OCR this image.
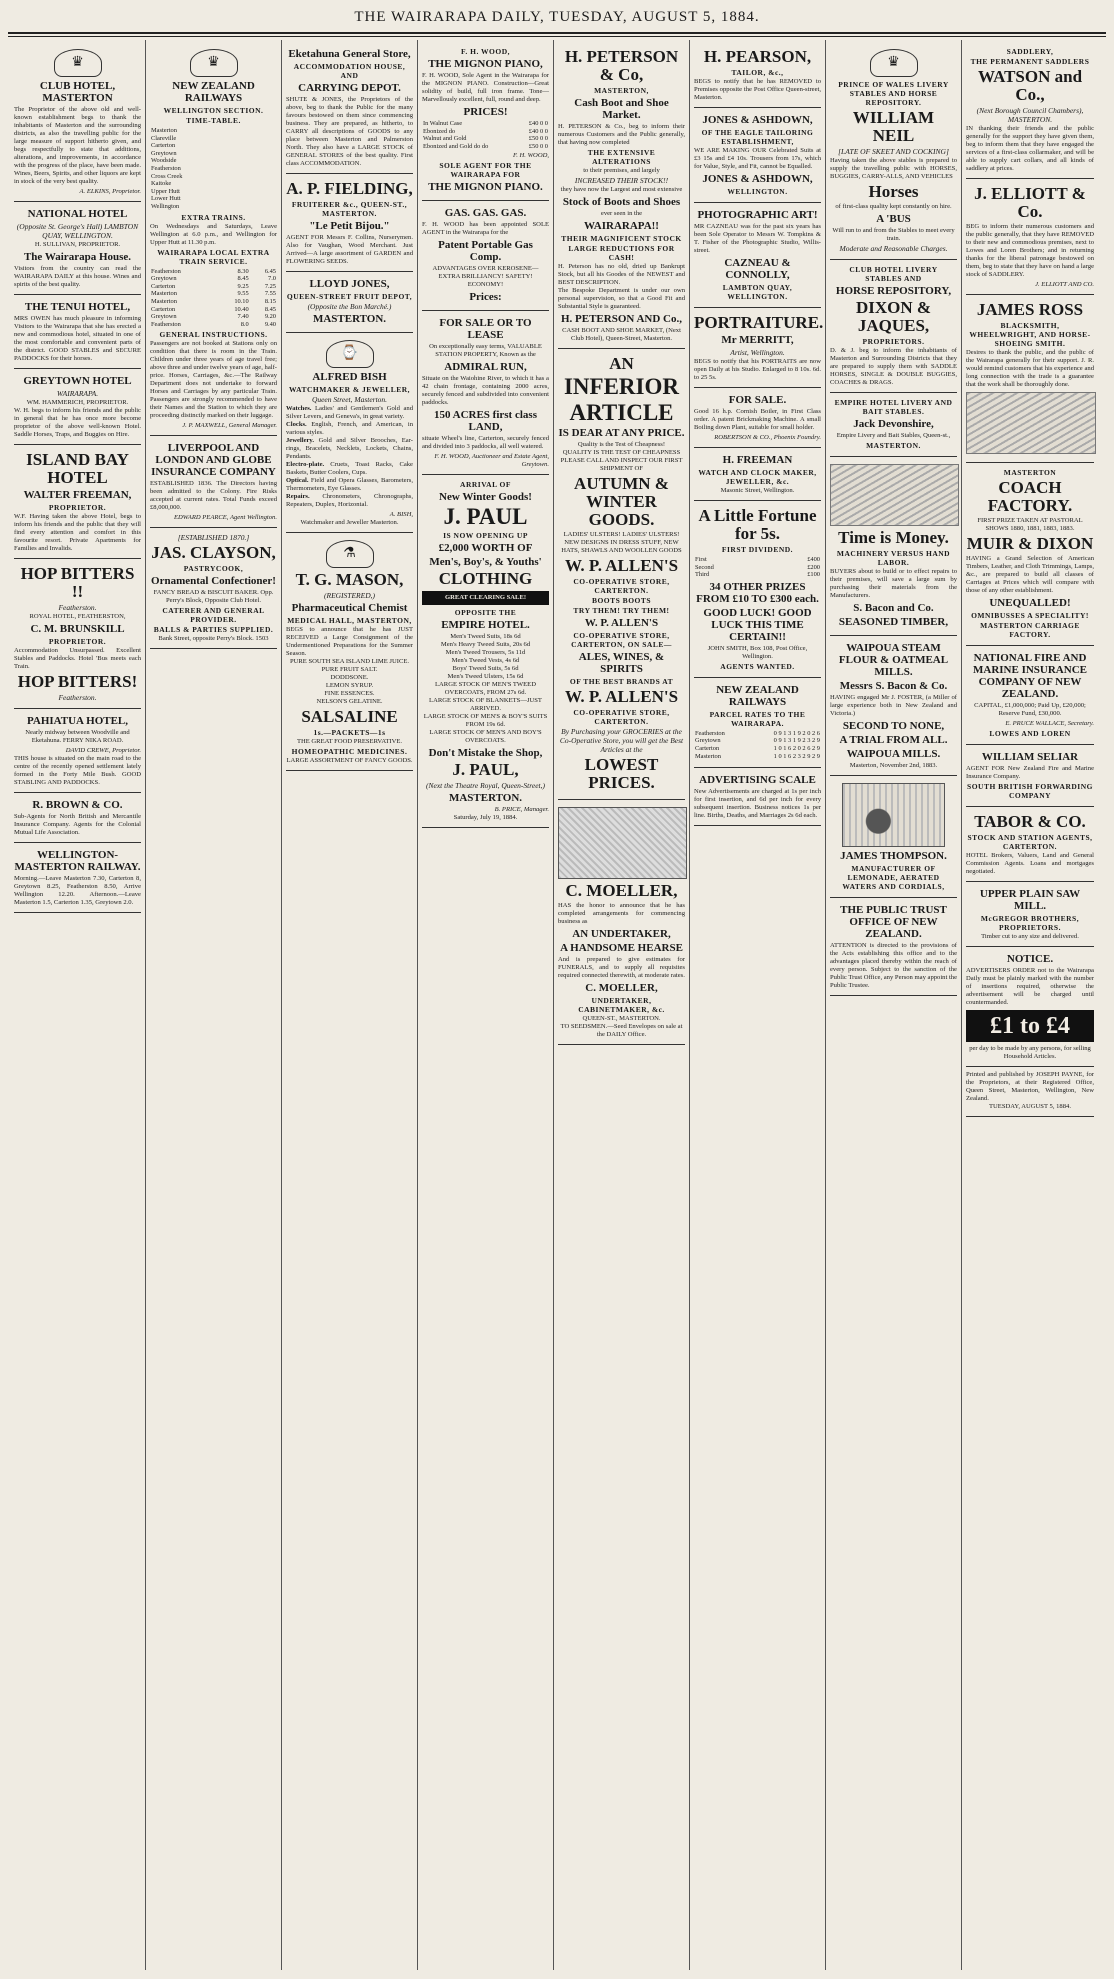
THE WAIRARAPA DAILY, TUESDAY, AUGUST 5, 1884.
♛
CLUB HOTEL, MASTERTON
The Proprietor of the above old and well-known establishment begs to thank the inhabitants of Masterton and the surrounding districts, as also the travelling public for the large measure of support hitherto given, and begs respectfully to state that additions, alterations, and improvements, in accordance with the progress of the place, have been made. Wines, Beers, Spirits, and other liquors are kept in stock of the very best quality.
A. ELKINS, Proprietor.
NATIONAL HOTEL
(Opposite St. George's Hall) LAMBTON QUAY, WELLINGTON.
H. SULLIVAN, PROPRIETOR.
The Wairarapa House.
Visitors from the country can read the WAIRARAPA DAILY at this house. Wines and spirits of the best quality.
THE TENUI HOTEL,
MRS OWEN has much pleasure in informing Visitors to the Wairarapa that she has erected a new and commodious hotel, situated in one of the most comfortable and convenient parts of the district. GOOD STABLES and SECURE PADDOCKS for their horses.
GREYTOWN HOTEL
WAIRARAPA.
WM. HAMMERICH, PROPRIETOR.
W. H. begs to inform his friends and the public in general that he has once more become proprietor of the above well-known Hotel. Saddle Horses, Traps, and Buggies on Hire.
ISLAND BAY HOTEL
WALTER FREEMAN,
PROPRIETOR.
W.F. Having taken the above Hotel, begs to inform his friends and the public that they will find every attention and comfort in this favourite resort. Private Apartments for Families and Invalids.
HOP BITTERS !!
Featherston.
ROYAL HOTEL, FEATHERSTON,
C. M. BRUNSKILL
PROPRIETOR.
Accommodation Unsurpassed. Excellent Stables and Paddocks. Hotel 'Bus meets each Train.
HOP BITTERS!
Featherston.
PAHIATUA HOTEL,
Nearly midway between Woodville and Eketahuna. FERRY NIKA ROAD.
DAVID CREWE, Proprietor.
THIS house is situated on the main road to the centre of the recently opened settlement lately formed in the Forty Mile Bush. GOOD STABLING AND PADDOCKS.
R. BROWN & CO.
Sub-Agents for North British and Mercantile Insurance Company. Agents for the Colonial Mutual Life Association.
WELLINGTON-MASTERTON RAILWAY.
Morning.—Leave Masterton 7.30, Carterton 8, Greytown 8.25, Featherston 8.50, Arrive Wellington 12.20. Afternoon.—Leave Masterton 1.5, Carterton 1.35, Greytown 2.0.
♛
NEW ZEALAND RAILWAYS
WELLINGTON SECTION.
TIME-TABLE.
Masterton
Clareville
Carterton
Greytown
Woodside
Featherston
Cross Creek
Kaitoke
Upper Hutt
Lower Hutt
Wellington
EXTRA TRAINS.
On Wednesdays and Saturdays, Leave Wellington at 6.0 p.m., and Wellington for Upper Hutt at 11.30 p.m.
WAIRARAPA LOCAL EXTRA TRAIN SERVICE.
Featherston	8.30	6.45
Greytown	8.45	7.0
Carterton	9.25	7.25
Masterton	9.55	7.55
Masterton	10.10	8.15
Carterton	10.40	8.45
Greytown	7.40	9.20
Featherston	8.0	9.40
GENERAL INSTRUCTIONS.
Passengers are not booked at Stations only on condition that there is room in the Train. Children under three years of age travel free; above three and under twelve years of age, half-price. Horses, Carriages, &c.—The Railway Department does not undertake to forward Horses and Carriages by any particular Train. Passengers are strongly recommended to have their Names and the Station to which they are proceeding distinctly marked on their luggage.
J. P. MAXWELL, General Manager.
LIVERPOOL AND LONDON AND GLOBE INSURANCE COMPANY
ESTABLISHED 1836. The Directors having been admitted to the Colony. Fire Risks accepted at current rates. Total Funds exceed £8,000,000.
EDWARD PEARCE, Agent Wellington.
[ESTABLISHED 1870.]
JAS. CLAYSON,
PASTRYCOOK,
Ornamental Confectioner!
FANCY BREAD & BISCUIT BAKER. Opp. Perry's Block, Opposite Club Hotel.
CATERER AND GENERAL PROVIDER.
BALLS & PARTIES SUPPLIED.
Bank Street, opposite Perry's Block. 1503
Eketahuna General Store,
ACCOMMODATION HOUSE, AND
CARRYING DEPOT.
SHUTE & JONES, the Proprietors of the above, beg to thank the Public for the many favours bestowed on them since commencing business. They are prepared, as hitherto, to CARRY all descriptions of GOODS to any place between Masterton and Palmerston North. They also have a LARGE STOCK of GENERAL STORES of the best quality. First class ACCOMMODATION.
A. P. FIELDING,
FRUITERER &c., QUEEN-ST., MASTERTON.
"Le Petit Bijou."
AGENT FOR Messrs F. Collins, Nurserymen. Also for Vaughan, Wood Merchant. Just Arrived—A large assortment of GARDEN and FLOWERING SEEDS.
LLOYD JONES,
QUEEN-STREET FRUIT DEPOT,
(Opposite the Bon Marché.)
MASTERTON.
⌚
ALFRED BISH
WATCHMAKER & JEWELLER,
Queen Street, Masterton.
Watches. Ladies' and Gentlemen's Gold and Silver Levers, and Geneva's, in great variety.
Clocks. English, French, and American, in various styles.
Jewellery. Gold and Silver Brooches, Ear-rings, Bracelets, Necklets, Lockets, Chains, Pendants.
Electro-plate. Cruets, Toast Racks, Cake Baskets, Butter Coolers, Cups.
Optical. Field and Opera Glasses, Barometers, Thermometers, Eye Glasses.
Repairs. Chronometers, Chronographs, Repeaters, Duplex, Horizontal.
A. BISH,
Watchmaker and Jeweller Masterton.
⚗
T. G. MASON,
(REGISTERED,)
Pharmaceutical Chemist
MEDICAL HALL, MASTERTON,
BEGS to announce that he has JUST RECEIVED a Large Consignment of the Undermentioned Preparations for the Summer Season.
PURE SOUTH SEA ISLAND LIME JUICE.
PURE FRUIT SALT.
DODDSONE.
LEMON SYRUP.
FINE ESSENCES.
NELSON'S GELATINE.
SALSALINE
1s.—PACKETS—1s
THE GREAT FOOD PRESERVATIVE.
HOMEOPATHIC MEDICINES.
LARGE ASSORTMENT OF FANCY GOODS.
F. H. WOOD,
THE MIGNON PIANO,
F. H. WOOD, Sole Agent in the Wairarapa for the MIGNON PIANO. Construction—Great solidity of build, full iron frame. Tone—Marvellously excellent, full, round and deep.
PRICES!
In Walnut Case	£40 0 0
Ebonized do	£40 0 0
Walnut and Gold	£50 0 0
Ebonized and Gold do do	£50 0 0
F. H. WOOD,
SOLE AGENT FOR THE WAIRARAPA FOR
THE MIGNON PIANO.
GAS. GAS. GAS.
F. H. WOOD has been appointed SOLE AGENT in the Wairarapa for the
Patent Portable Gas Comp.
ADVANTAGES OVER KEROSENE—EXTRA BRILLIANCY! SAFETY! ECONOMY!
Prices:
FOR SALE OR TO LEASE
On exceptionally easy terms, VALUABLE STATION PROPERTY, Known as the
ADMIRAL RUN,
Situate on the Waiohine River, to which it has a 42 chain frontage, containing 2000 acres, securely fenced and subdivided into convenient paddocks.
150 ACRES first class LAND,
situate Wheel's line, Carterton, securely fenced and divided into 3 paddocks, all well watered.
F. H. WOOD, Auctioneer and Estate Agent, Greytown.
ARRIVAL OF
New Winter Goods!
J. PAUL
IS NOW OPENING UP
£2,000 WORTH OF
Men's, Boy's, & Youths'
CLOTHING
GREAT CLEARING SALE!
OPPOSITE THE
EMPIRE HOTEL.
Men's Tweed Suits, 18s 6d
Men's Heavy Tweed Suits, 20s 6d
Men's Tweed Trousers, 5s 11d
Men's Tweed Vests, 4s 6d
Boys' Tweed Suits, 5s 6d
Men's Tweed Ulsters, 15s 6d
LARGE STOCK OF MEN'S TWEED OVERCOATS, FROM 27s 6d.
LARGE STOCK OF BLANKETS—JUST ARRIVED.
LARGE STOCK OF MEN'S & BOY'S SUITS FROM 19s 6d.
LARGE STOCK OF MEN'S AND BOY'S OVERCOATS.
Don't Mistake the Shop,
J. PAUL,
(Next the Theatre Royal, Queen-Street,)
MASTERTON.
B. PRICE, Manager.
Saturday, July 19, 1884.
H. PETERSON & Co,
MASTERTON,
Cash Boot and Shoe Market.
H. PETERSON & Co., beg to inform their numerous Customers and the Public generally, that having now completed
THE EXTENSIVE ALTERATIONS
to their premises, and largely
INCREASED THEIR STOCK!!
they have now the Largest and most extensive
Stock of Boots and Shoes
ever seen in the
WAIRARAPA!!
THEIR MAGNIFICENT STOCK
LARGE REDUCTIONS FOR CASH!
H. Peterson has no old, dried up Bankrupt Stock, but all his Goodes of the NEWEST and BEST DESCRIPTION.
The Bespoke Department is under our own personal supervision, so that a Good Fit and Substantial Style is guaranteed.
H. PETERSON AND Co.,
CASH BOOT AND SHOE MARKET, (Next Club Hotel), Queen-Street, Masterton.
AN
INFERIOR
ARTICLE
IS DEAR AT ANY PRICE.
Quality is the Test of Cheapness!
QUALITY IS THE TEST OF CHEAPNESS
PLEASE CALL AND INSPECT OUR FIRST SHIPMENT OF
AUTUMN & WINTER GOODS.
LADIES' ULSTERS! LADIES' ULSTERS!
NEW DESIGNS IN DRESS STUFF, NEW HATS, SHAWLS AND WOOLLEN GOODS
W. P. ALLEN'S
CO-OPERATIVE STORE, CARTERTON.
BOOTS BOOTS
TRY THEM! TRY THEM!
W. P. ALLEN'S
CO-OPERATIVE STORE, CARTERTON, ON SALE—
ALES, WINES, & SPIRITS
OF THE BEST BRANDS AT
W. P. ALLEN'S
CO-OPERATIVE STORE, CARTERTON.
By Purchasing your GROCERIES at the Co-Operative Store, you will get the Best Articles at the
LOWEST PRICES.
C. MOELLER,
HAS the honor to announce that he has completed arrangements for commencing business as
AN UNDERTAKER,
A HANDSOME HEARSE
And is prepared to give estimates for FUNERALS, and to supply all requisites required connected therewith, at moderate rates.
C. MOELLER,
UNDERTAKER, CABINETMAKER, &c.
QUEEN-ST., MASTERTON.
TO SEEDSMEN.—Seed Envelopes on sale at the DAILY Office.
H. PEARSON,
TAILOR, &c.,
BEGS to notify that he has REMOVED to Premises opposite the Post Office Queen-street, Masterton.
JONES & ASHDOWN,
OF THE EAGLE TAILORING ESTABLISHMENT,
WE ARE MAKING OUR Celebrated Suits at £3 15s and £4 10s. Trousers from 17s, which for Value, Style, and Fit, cannot be Equalled.
JONES & ASHDOWN,
WELLINGTON.
PHOTOGRAPHIC ART!
MR CAZNEAU was for the past six years has been Sole Operator to Messrs W. Tompkins & T. Fisher of the Photographic Studio, Willis-street.
CAZNEAU & CONNOLLY,
LAMBTON QUAY, WELLINGTON.
PORTRAITURE.
Mr MERRITT,
Artist, Wellington.
BEGS to notify that his PORTRAITS are now open Daily at his Studio. Enlarged to 8 10s. 6d. to 25 5s.
FOR SALE.
Good 16 h.p. Cornish Boiler, in First Class order. A patent Brickmaking Machine. A small Boiling down Plant, suitable for small holder.
ROBERTSON & CO., Phoenix Foundry.
H. FREEMAN
WATCH AND CLOCK MAKER, JEWELLER, &c.
Masonic Street, Wellington.
A Little Fortune for 5s.
FIRST DIVIDEND.
First	£400
Second	£200
Third	£100
34 OTHER PRIZES FROM £10 TO £300 each.
GOOD LUCK! GOOD LUCK THIS TIME CERTAIN!!
JOHN SMITH, Box 108, Post Office, Wellington.
AGENTS WANTED.
NEW ZEALAND RAILWAYS
PARCEL RATES TO THE WAIRARAPA.
Featherston	0 9 1 3 1 9 2 0 2 6
Greytown	0 9 1 3 1 9 2 3 2 9
Carterton	1 0 1 6 2 0 2 6 2 9
Masterton	1 0 1 6 2 3 2 9 2 9
ADVERTISING SCALE
New Advertisements are charged at 1s per inch for first insertion, and 6d per inch for every subsequent insertion. Business notices 1s per line. Births, Deaths, and Marriages 2s 6d each.
♛
PRINCE OF WALES LIVERY STABLES AND HORSE REPOSITORY.
WILLIAM NEIL
[LATE OF SKEET AND COCKING]
Having taken the above stables is prepared to supply the travelling public with HORSES, BUGGIES, CARRY-ALLS, AND VEHICLES
Horses
of first-class quality kept constantly on hire.
A 'BUS
Will run to and from the Stables to meet every train.
Moderate and Reasonable Charges.
CLUB HOTEL LIVERY STABLES AND
HORSE REPOSITORY,
DIXON & JAQUES,
PROPRIETORS.
D. & J. beg to inform the inhabitants of Masterton and Surrounding Districts that they are prepared to supply them with SADDLE HORSES, SINGLE & DOUBLE BUGGIES, COACHES & DRAGS.
EMPIRE HOTEL LIVERY AND BAIT STABLES.
Jack Devonshire,
Empire Livery and Bait Stables, Queen-st.,
MASTERTON.
Time is Money.
MACHINERY VERSUS HAND LABOR.
BUYERS about to build or to effect repairs to their premises, will save a large sum by purchasing their materials from the Manufacturers.
S. Bacon and Co.
SEASONED TIMBER,
WAIPOUA STEAM FLOUR & OATMEAL MILLS.
Messrs S. Bacon & Co.
HAVING engaged Mr J. FOSTER, (a Miller of large experience both in New Zealand and Victoria.)
SECOND TO NONE,
A TRIAL FROM ALL.
WAIPOUA MILLS.
Masterton, November 2nd, 1883.
JAMES THOMPSON.
MANUFACTURER OF LEMONADE, AERATED WATERS AND CORDIALS,
THE PUBLIC TRUST OFFICE OF NEW ZEALAND.
ATTENTION is directed to the provisions of the Acts establishing this office and to the advantages placed thereby within the reach of every person. Subject to the sanction of the Public Trust Office, any Person may appoint the Public Trustee.
SADDLERY,
THE PERMANENT SADDLERS
WATSON and Co.,
(Next Borough Council Chambers), MASTERTON.
IN thanking their friends and the public generally for the support they have given them, beg to inform them that they have engaged the services of a first-class collarmaker, and will be able to supply cart collars, and all kinds of saddlery at prices.
J. ELLIOTT & Co.
BEG to inform their numerous customers and the public generally, that they have REMOVED to their new and commodious premises, next to Lowes and Loren Brothers; and in returning thanks for the liberal patronage bestowed on them, beg to state that they have on hand a large stock of SADDLERY.
J. ELLIOTT AND CO.
JAMES ROSS
BLACKSMITH, WHEELWRIGHT, AND HORSE-SHOEING SMITH.
Desires to thank the public, and the public of the Wairarapa generally for their support. J. R. would remind customers that his experience and long connection with the trade is a guarantee that the work shall be thoroughly done.
MASTERTON
COACH FACTORY.
FIRST PRIZE TAKEN AT PASTORAL SHOWS 1880, 1881, 1883, 1883.
MUIR & DIXON
HAVING a Grand Selection of American Timbers, Leather, and Cloth Trimmings, Lamps, &c., are prepared to build all classes of Carriages at Prices which will compare with those of any other establishment.
UNEQUALLED!
OMNIBUSSES A SPECIALITY!
MASTERTON CARRIAGE FACTORY.
NATIONAL FIRE AND MARINE INSURANCE COMPANY OF NEW ZEALAND.
CAPITAL, £1,000,000; Paid Up, £20,000; Reserve Fund, £30,000.
E. PRUCE WALLACE, Secretary.
LOWES AND LOREN
WILLIAM SELIAR
AGENT FOR New Zealand Fire and Marine Insurance Company.
SOUTH BRITISH FORWARDING COMPANY
TABOR & CO.
STOCK AND STATION AGENTS, CARTERTON.
HOTEL Brokers, Valuers, Land and General Commission Agents. Loans and mortgages negotiated.
UPPER PLAIN SAW MILL.
McGREGOR BROTHERS, PROPRIETORS.
Timber cut to any size and delivered.
NOTICE.
ADVERTISERS ORDER not to the Wairarapa Daily must be plainly marked with the number of insertions required, otherwise the advertisement will be charged until countermanded.
£1 to £4
per day to be made by any persons, for selling Household Articles.
Printed and published by JOSEPH PAYNE, for the Proprietors, at their Registered Office, Queen Street, Masterton, Wellington, New Zealand.
TUESDAY, AUGUST 5, 1884.
